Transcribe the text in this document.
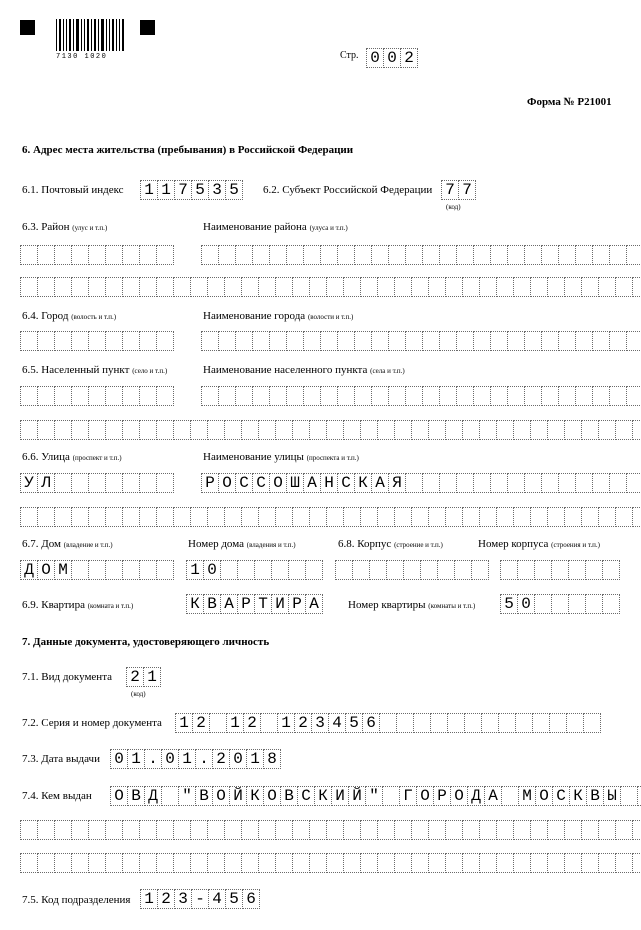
7130 1020	Стр. 0 0 2
Форма № Р21001
6. Адрес места жительства (пребывания) в Российской Федерации
6.1. Почтовый индекс 1 1 7 5 3 5	6.2. Субъект Российской Федерации 7 7
(код)
6.3. Район (улус и т.п.)	Наименование района (улуса и т.п.)
6.4. Город (волость и т.п.)	Наименование города (волости и т.п.)
6.5. Населенный пункт (село и т.п.)	Наименование населенного пункта (села и т.п.)
6.6. Улица (проспект и т.п.)	Наименование улицы (проспекта и т.п.)
У Л	Р О С С О Ш А Н С К А Я
6.7. Дом (владение и т.п.)	Номер дома (владения и т.п.)	6.8. Корпус (строение и т.п.)	Номер корпуса (строения и т.п.)
Д О М	1 0
6.9. Квартира (комната и т.п.)	К В А Р Т И Р А	Номер квартиры (комнаты и т.п.) 5 0
7. Данные документа, удостоверяющего личность
7.1. Вид документа 2 1
(код)
7.2. Серия и номер документа 1 2 1 2 1 2 3 4 5 6
7.3. Дата выдачи 0 1 . 0 1 . 2 0 1 8
7.4. Кем выдан О В Д " В О Й К О В С К И Й " Г О Р О Д А М О С К В Ы
7.5. Код подразделения 1 2 3 - 4 5 6
